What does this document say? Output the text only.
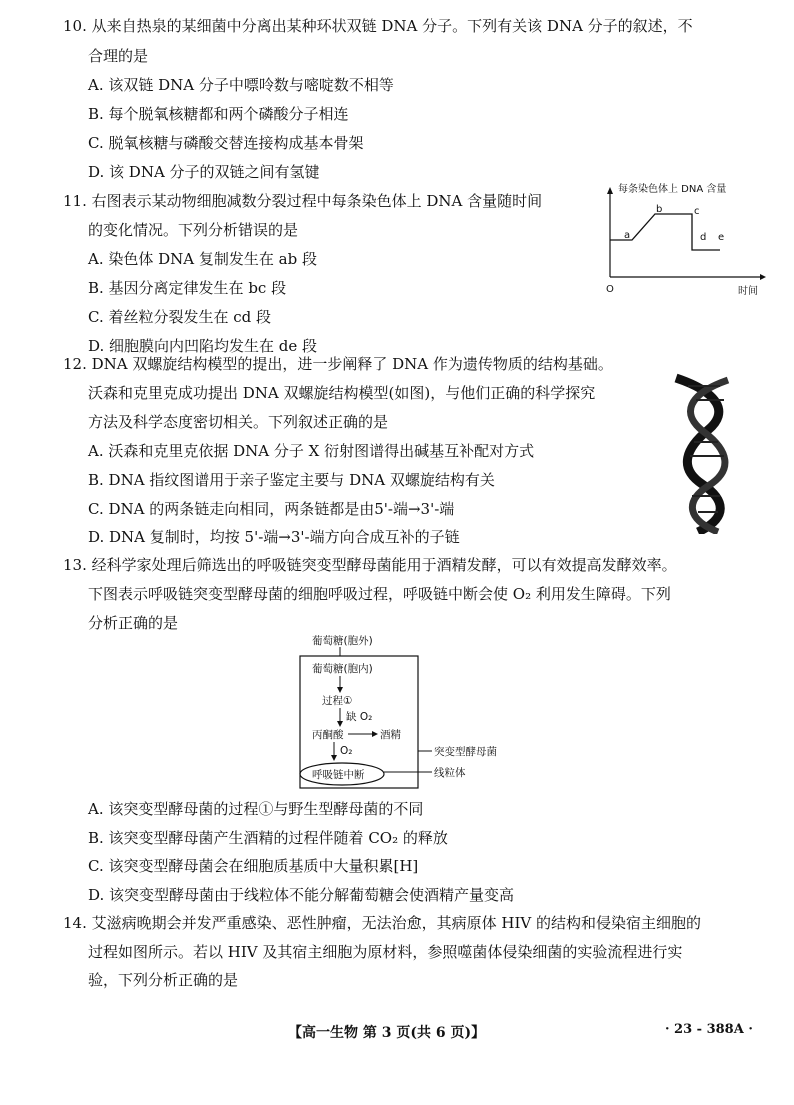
10. 从来自热泉的某细菌中分离出某种环状双链 DNA 分子。下列有关该 DNA 分子的叙述，不
合理的是
A. 该双链 DNA 分子中嘌呤数与嘧啶数不相等
B. 每个脱氧核糖都和两个磷酸分子相连
C. 脱氧核糖与磷酸交替连接构成基本骨架
D. 该 DNA 分子的双链之间有氢键
11. 右图表示某动物细胞减数分裂过程中每条染色体上 DNA 含量随时间
的变化情况。下列分析错误的是
A. 染色体 DNA 复制发生在 ab 段
B. 基因分离定律发生在 bc 段
C. 着丝粒分裂发生在 cd 段
D. 细胞膜向内凹陷均发生在 de 段
每条染色体上 DNA 含量
O	时间
a
b	c
d e
12. DNA 双螺旋结构模型的提出，进一步阐释了 DNA 作为遗传物质的结构基础。
沃森和克里克成功提出 DNA 双螺旋结构模型(如图)，与他们正确的科学探究
方法及科学态度密切相关。下列叙述正确的是
A. 沃森和克里克依据 DNA 分子 X 衍射图谱得出碱基互补配对方式
B. DNA 指纹图谱用于亲子鉴定主要与 DNA 双螺旋结构有关
C. DNA 的两条链走向相同，两条链都是由5'-端→3'-端
D. DNA 复制时，均按 5'-端→3'-端方向合成互补的子链
13. 经科学家处理后筛选出的呼吸链突变型酵母菌能用于酒精发酵，可以有效提高发酵效率。
下图表示呼吸链突变型酵母菌的细胞呼吸过程，呼吸链中断会使 O₂ 利用发生障碍。下列
分析正确的是
葡萄糖(胞外)
葡萄糖(胞内)
过程①
缺 O₂
丙酮酸	酒精
O₂
呼吸链中断
突变型酵母菌
线粒体
A. 该突变型酵母菌的过程①与野生型酵母菌的不同
B. 该突变型酵母菌产生酒精的过程伴随着 CO₂ 的释放
C. 该突变型酵母菌会在细胞质基质中大量积累[H]
D. 该突变型酵母菌由于线粒体不能分解葡萄糖会使酒精产量变高
14. 艾滋病晚期会并发严重感染、恶性肿瘤，无法治愈，其病原体 HIV 的结构和侵染宿主细胞的
过程如图所示。若以 HIV 及其宿主细胞为原材料，参照噬菌体侵染细菌的实验流程进行实
验，下列分析正确的是
【高一生物 第 3 页(共 6 页)】	· 23 - 388A ·
